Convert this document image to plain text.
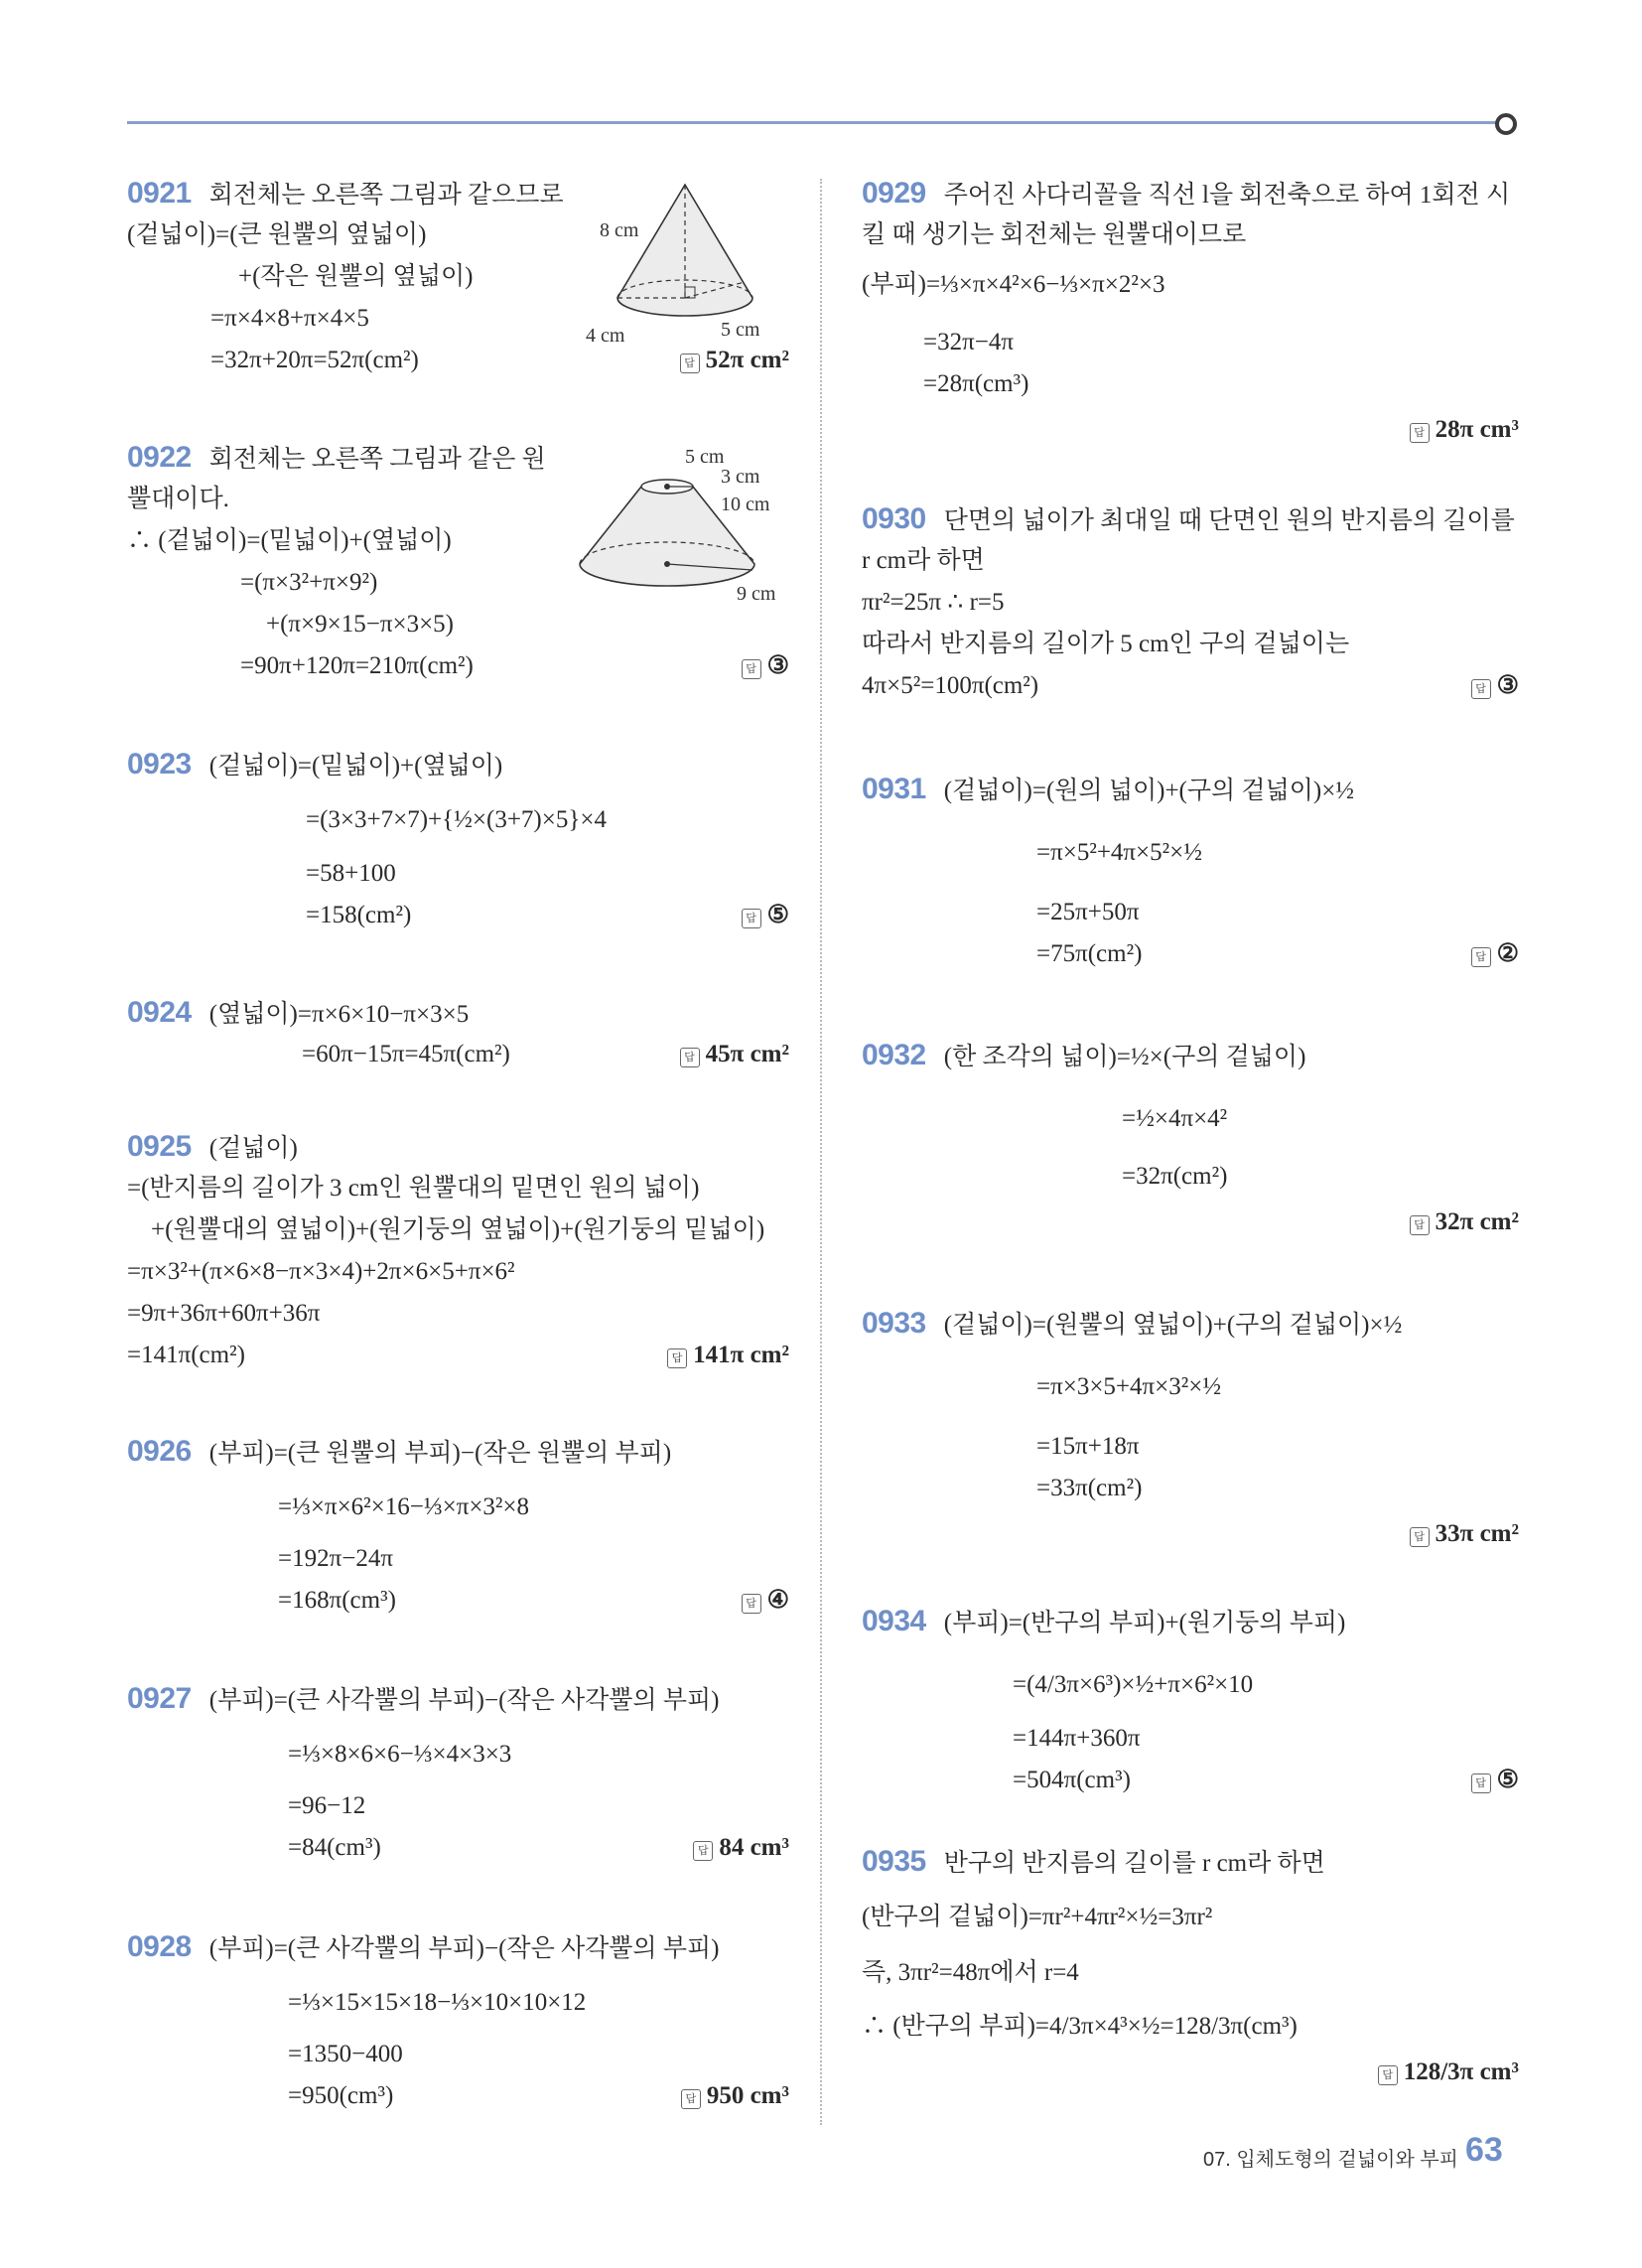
0921 회전체는 오른쪽 그림과 같으므로
(겉넓이)=(큰 원뿔의 옆넓이)
+(작은 원뿔의 옆넓이)
=π×4×8+π×4×5
=32π+20π=52π(cm²)	답 52π cm²
0922 회전체는 오른쪽 그림과 같은 원
뿔대이다.
∴ (겉넓이)=(밑넓이)+(옆넓이)
=(π×3²+π×9²)
+(π×9×15−π×3×5)
=90π+120π=210π(cm²)	답 ③
0923 (겉넓이)=(밑넓이)+(옆넓이)
=(3×3+7×7)+{½×(3+7)×5}×4
=58+100
=158(cm²)	답 ⑤
0924 (옆넓이)=π×6×10−π×3×5
=60π−15π=45π(cm²)	답 45π cm²
0925 (겉넓이)
=(반지름의 길이가 3 cm인 원뿔대의 밑면인 원의 넓이)
+(원뿔대의 옆넓이)+(원기둥의 옆넓이)+(원기둥의 밑넓이)
=π×3²+(π×6×8−π×3×4)+2π×6×5+π×6²
=9π+36π+60π+36π
=141π(cm²)	답 141π cm²
0926 (부피)=(큰 원뿔의 부피)−(작은 원뿔의 부피)
=⅓×π×6²×16−⅓×π×3²×8
=192π−24π
=168π(cm³)	답 ④
0927 (부피)=(큰 사각뿔의 부피)−(작은 사각뿔의 부피)
=⅓×8×6×6−⅓×4×3×3
=96−12
=84(cm³)	답 84 cm³
0928 (부피)=(큰 사각뿔의 부피)−(작은 사각뿔의 부피)
=⅓×15×15×18−⅓×10×10×12
=1350−400
=950(cm³)	답 950 cm³
0929 주어진 사다리꼴을 직선 l을 회전축으로 하여 1회전 시
킬 때 생기는 회전체는 원뿔대이므로
(부피)=⅓×π×4²×6−⅓×π×2²×3
=32π−4π
=28π(cm³)
답 28π cm³
0930 단면의 넓이가 최대일 때 단면인 원의 반지름의 길이를
r cm라 하면
πr²=25π ∴ r=5
따라서 반지름의 길이가 5 cm인 구의 겉넓이는
4π×5²=100π(cm²)	답 ③
0931 (겉넓이)=(원의 넓이)+(구의 겉넓이)×½
=π×5²+4π×5²×½
=25π+50π
=75π(cm²)	답 ②
0932 (한 조각의 넓이)=½×(구의 겉넓이)
=½×4π×4²
=32π(cm²)
답 32π cm²
0933 (겉넓이)=(원뿔의 옆넓이)+(구의 겉넓이)×½
=π×3×5+4π×3²×½
=15π+18π
=33π(cm²)
답 33π cm²
0934 (부피)=(반구의 부피)+(원기둥의 부피)
=(4/3π×6³)×½+π×6²×10
=144π+360π
=504π(cm³)	답 ⑤
0935 반구의 반지름의 길이를 r cm라 하면
(반구의 겉넓이)=πr²+4πr²×½=3πr²
즉, 3πr²=48π에서 r=4
∴ (반구의 부피)=4/3π×4³×½=128/3π(cm³)
답 128/3π cm³
8 cm
4 cm	5 cm
5 cm
3 cm
10 cm
9 cm
07. 입체도형의 겉넓이와 부피 63
